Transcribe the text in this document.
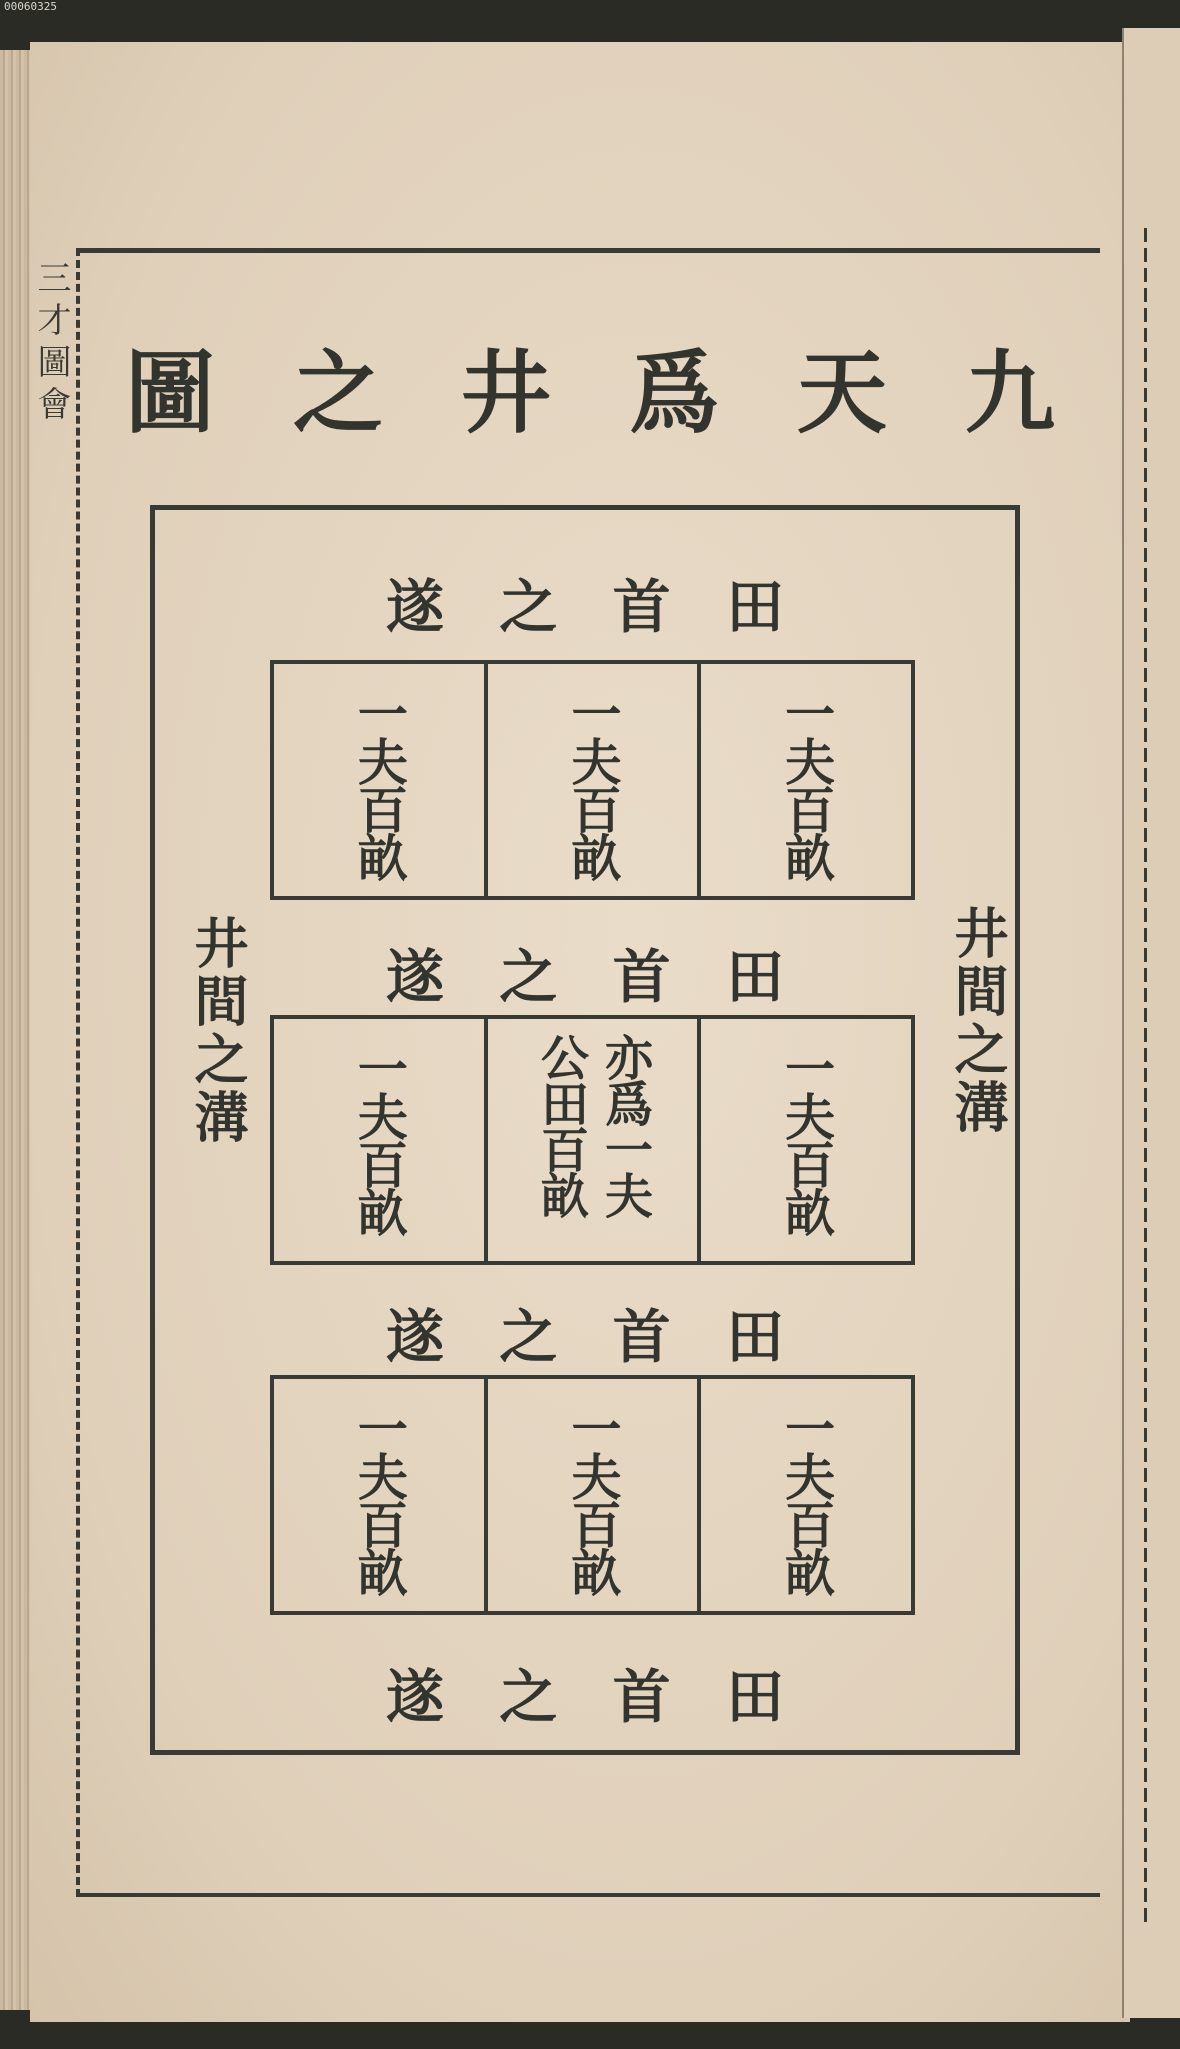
00060325
三才圖會	九
天
爲
井
之
圖
田
首
之
遂
一夫百畝	一夫百畝	一夫百畝
田
首
之
遂
一夫百畝	公田百畝 亦爲一夫 一夫百畝
田
首
之
遂
一夫百畝	一夫百畝	一夫百畝
田
首
之
遂
井間之溝	井間之溝
